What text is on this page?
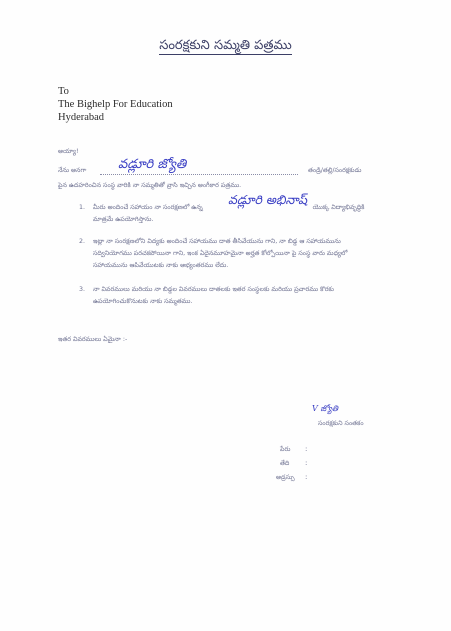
సంరక్షకుని సమ్మతి పత్రము
To
The Bighelp For Education
Hyderabad
అయ్యా!
నేను అనగా వడ్లూరి జ్యోతి	తండ్రి/తల్లి/సంరక్షకుడు
పైన ఉదహరించిన సంస్థ వారికి నా సమ్మతితో వ్రాసి ఇచ్చిన అంగీకార పత్రము.
1. మీరు అందించే సహాయం నా సంరక్షణలో ఉన్న	యొక్క విద్యాభివృద్ధికి
మాత్రమే ఉపయోగిస్తాను.
వడ్లూరి అభినాష్
2. ఇట్లా నా సంరక్షణలోని విద్యకు అందించే సహాయము దాత తీసివేయును గాని, నా బిడ్డ ఆ సహాయమును
సద్వినియోగము పరచకపోయినా గాని, ఇంక ఏదైనమూహమైనా అర్హత కోల్పోయినా పై సంస్థ వారు మధ్యలో
సహాయమును ఆపివేయుటకు నాకు అభ్యంతరము లేదు.
3. నా వివరములు మరియు నా బిడ్డల వివరములు దాతలకు ఇతర సంస్థలకు మరియు ప్రచారము కొరకు
ఉపయోగించుకొనుటకు నాకు సమ్మతము.
ఇతర వివరములు ఏమైనా :-
V జ్యోతి
సంరక్షకుని సంతకం
పేరు :
తేది :
అడ్రస్సు :
